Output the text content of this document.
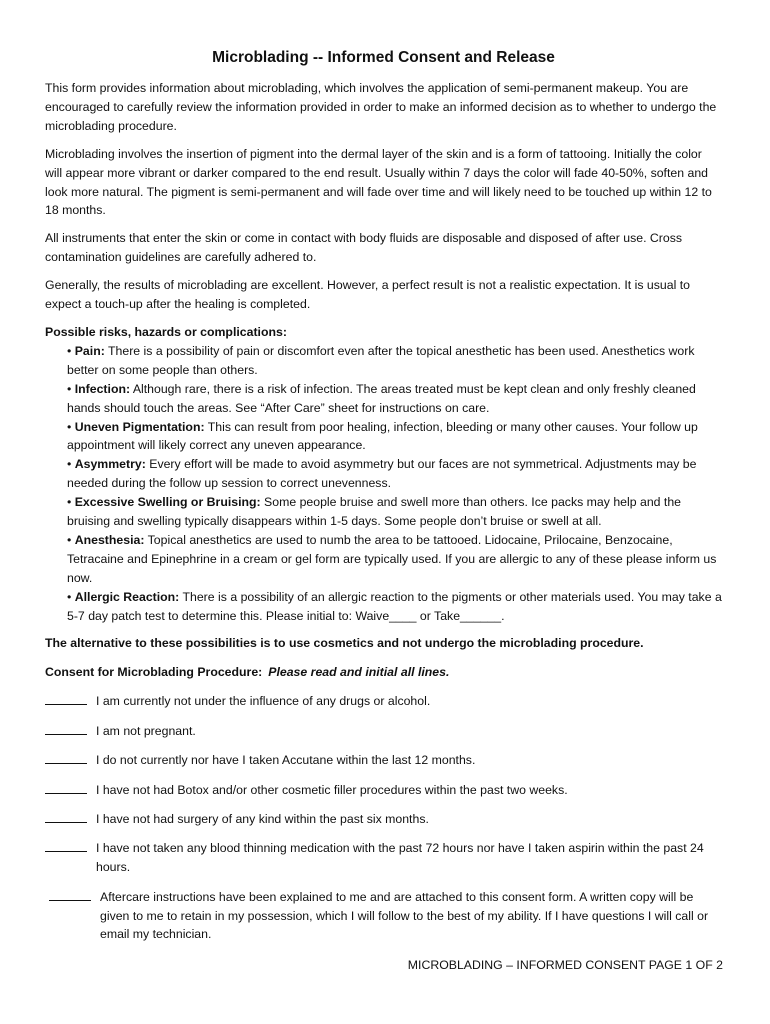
Microblading -- Informed Consent and Release

This form provides information about microblading, which involves the application of semi-permanent makeup. You are encouraged to carefully review the information provided in order to make an informed decision as to whether to undergo the microblading procedure.

Microblading involves the insertion of pigment into the dermal layer of the skin and is a form of tattooing. Initially the color will appear more vibrant or darker compared to the end result. Usually within 7 days the color will fade 40-50%, soften and look more natural. The pigment is semi-permanent and will fade over time and will likely need to be touched up within 12 to 18 months.

All instruments that enter the skin or come in contact with body fluids are disposable and disposed of after use. Cross contamination guidelines are carefully adhered to.

Generally, the results of microblading are excellent. However, a perfect result is not a realistic expectation. It is usual to expect a touch-up after the healing is completed.

Possible risks, hazards or complications:
• Pain: There is a possibility of pain or discomfort even after the topical anesthetic has been used. Anesthetics work better on some people than others.
• Infection: Although rare, there is a risk of infection. The areas treated must be kept clean and only freshly cleaned hands should touch the areas. See “After Care” sheet for instructions on care.
• Uneven Pigmentation: This can result from poor healing, infection, bleeding or many other causes. Your follow up appointment will likely correct any uneven appearance.
• Asymmetry: Every effort will be made to avoid asymmetry but our faces are not symmetrical. Adjustments may be needed during the follow up session to correct unevenness.
• Excessive Swelling or Bruising: Some people bruise and swell more than others. Ice packs may help and the bruising and swelling typically disappears within 1-5 days. Some people don’t bruise or swell at all.
• Anesthesia: Topical anesthetics are used to numb the area to be tattooed. Lidocaine, Prilocaine, Benzocaine, Tetracaine and Epinephrine in a cream or gel form are typically used. If you are allergic to any of these please inform us now.
• Allergic Reaction: There is a possibility of an allergic reaction to the pigments or other materials used. You may take a 5-7 day patch test to determine this. Please initial to: Waive____ or Take______.
The alternative to these possibilities is to use cosmetics and not undergo the microblading procedure.
Consent for Microblading Procedure: Please read and initial all lines.
I am currently not under the influence of any drugs or alcohol.
I am not pregnant.
I do not currently nor have I taken Accutane within the last 12 months.
I have not had Botox and/or other cosmetic filler procedures within the past two weeks.
I have not had surgery of any kind within the past six months.
I have not taken any blood thinning medication with the past 72 hours nor have I taken aspirin within the past 24 hours.
Aftercare instructions have been explained to me and are attached to this consent form. A written copy will be given to me to retain in my possession, which I will follow to the best of my ability. If I have questions I will call or email my technician.
MICROBLADING – INFORMED CONSENT PAGE 1 OF 2
